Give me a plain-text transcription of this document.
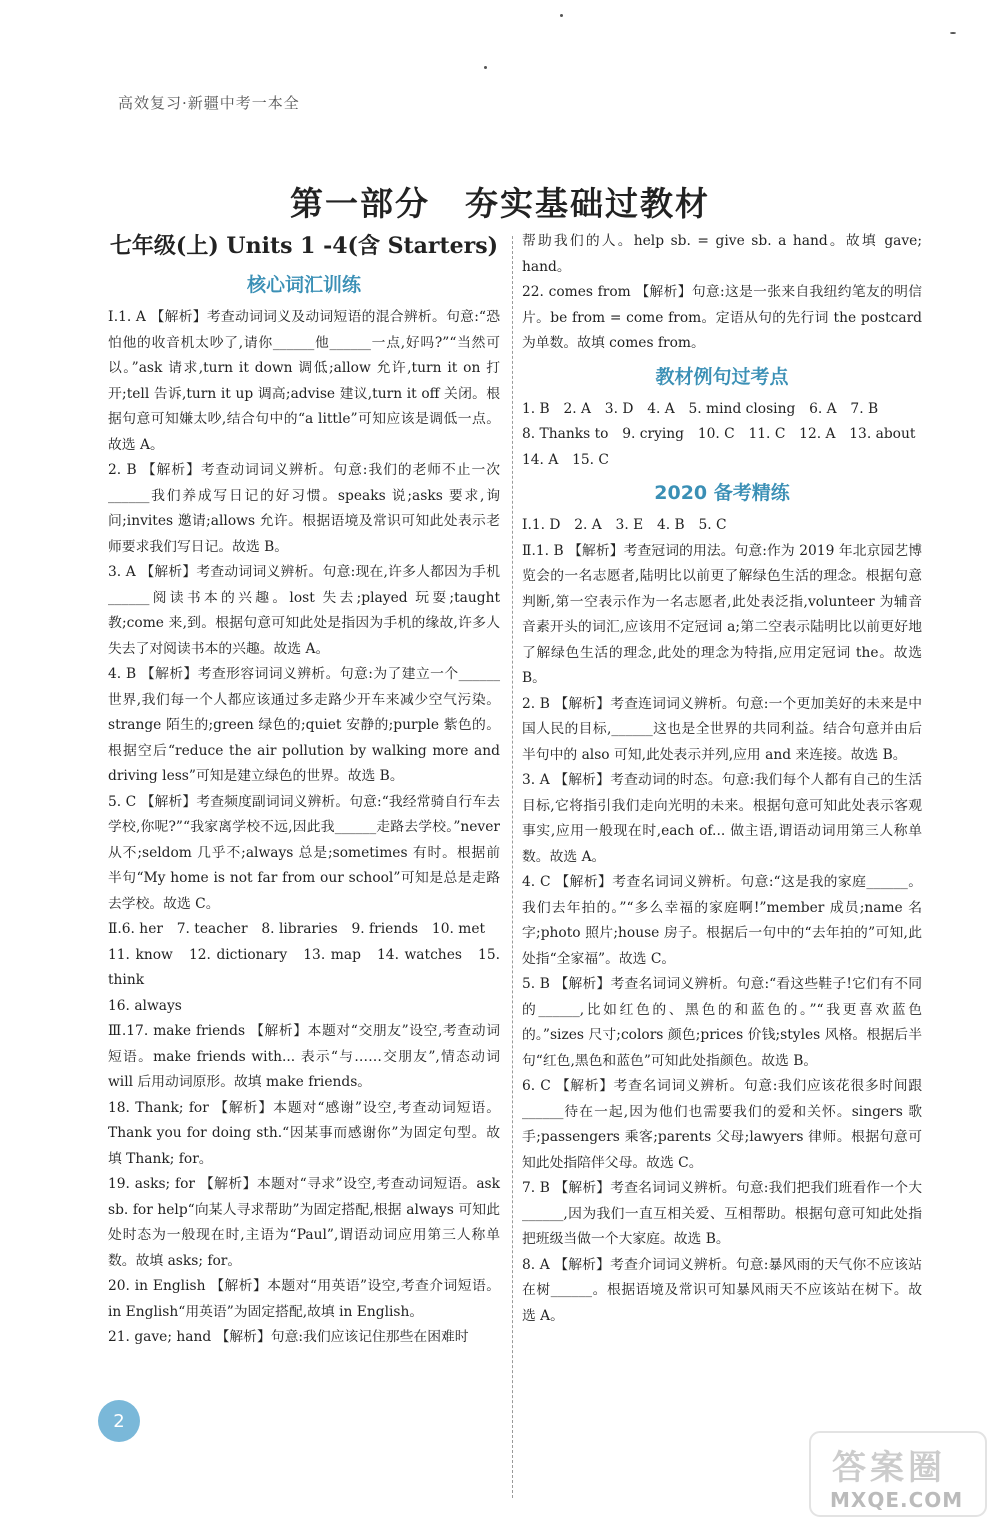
高效复习·新疆中考一本全
第一部分　夯实基础过教材
七年级(上) Units 1 -4(含 Starters)
核心词汇训练

Ⅰ.1. A 【解析】考查动词词义及动词短语的混合辨析。句意:“恐怕他的收音机太吵了,请你______他______一点,好吗?”“当然可以。”ask 请求,turn it down 调低;allow 允许,turn it on 打开;tell 告诉,turn it up 调高;advise 建议,turn it off 关闭。根据句意可知嫌太吵,结合句中的“a little”可知应该是调低一点。故选 A。

2. B 【解析】考查动词词义辨析。句意:我们的老师不止一次______我们养成写日记的好习惯。speaks 说;asks 要求,询问;invites 邀请;allows 允许。根据语境及常识可知此处表示老师要求我们写日记。故选 B。

3. A 【解析】考查动词词义辨析。句意:现在,许多人都因为手机______阅读书本的兴趣。lost 失去;played 玩耍;taught 教;come 来,到。根据句意可知此处是指因为手机的缘故,许多人失去了对阅读书本的兴趣。故选 A。

4. B 【解析】考查形容词词义辨析。句意:为了建立一个______世界,我们每一个人都应该通过多走路少开车来减少空气污染。strange 陌生的;green 绿色的;quiet 安静的;purple 紫色的。根据空后“reduce the air pollution by walking more and driving less”可知是建立绿色的世界。故选 B。

5. C 【解析】考查频度副词词义辨析。句意:“我经常骑自行车去学校,你呢?”“我家离学校不远,因此我______走路去学校。”never 从不;seldom 几乎不;always 总是;sometimes 有时。根据前半句“My home is not far from our school”可知是总是走路去学校。故选 C。

Ⅱ.6. her　7. teacher　8. libraries　9. friends　10. met

11. know　12. dictionary　13. map　14. watches　15. think

16. always

Ⅲ.17. make friends 【解析】本题对“交朋友”设空,考查动词短语。make friends with... 表示“与……交朋友”,情态动词 will 后用动词原形。故填 make friends。

18. Thank; for 【解析】本题对“感谢”设空,考查动词短语。Thank you for doing sth.“因某事而感谢你”为固定句型。故填 Thank; for。

19. asks; for 【解析】本题对“寻求”设空,考查动词短语。ask sb. for help“向某人寻求帮助”为固定搭配,根据 always 可知此处时态为一般现在时,主语为“Paul”,谓语动词应用第三人称单数。故填 asks; for。

20. in English 【解析】本题对“用英语”设空,考查介词短语。in English“用英语”为固定搭配,故填 in English。

21. gave; hand 【解析】句意:我们应该记住那些在困难时

帮助我们的人。help sb. = give sb. a hand。故填 gave; hand。

22. comes from 【解析】句意:这是一张来自我纽约笔友的明信片。be from = come from。定语从句的先行词 the postcard 为单数。故填 comes from。

教材例句过考点

1. B　2. A　3. D　4. A　5. mind closing　6. A　7. B

8. Thanks to　9. crying　10. C　11. C　12. A　13. about

14. A　15. C

2020 备考精练

Ⅰ.1. D　2. A　3. E　4. B　5. C

Ⅱ.1. B 【解析】考查冠词的用法。句意:作为 2019 年北京园艺博览会的一名志愿者,陆明比以前更了解绿色生活的理念。根据句意判断,第一空表示作为一名志愿者,此处表泛指,volunteer 为辅音音素开头的词汇,应该用不定冠词 a;第二空表示陆明比以前更好地了解绿色生活的理念,此处的理念为特指,应用定冠词 the。故选 B。

2. B 【解析】考查连词词义辨析。句意:一个更加美好的未来是中国人民的目标,______这也是全世界的共同利益。结合句意并由后半句中的 also 可知,此处表示并列,应用 and 来连接。故选 B。

3. A 【解析】考查动词的时态。句意:我们每个人都有自己的生活目标,它将指引我们走向光明的未来。根据句意可知此处表示客观事实,应用一般现在时,each of... 做主语,谓语动词用第三人称单数。故选 A。

4. C 【解析】考查名词词义辨析。句意:“这是我的家庭______。我们去年拍的。”“多么幸福的家庭啊!”member 成员;name 名字;photo 照片;house 房子。根据后一句中的“去年拍的”可知,此处指“全家福”。故选 C。

5. B 【解析】考查名词词义辨析。句意:“看这些鞋子!它们有不同的______,比如红色的、黑色的和蓝色的。”“我更喜欢蓝色的。”sizes 尺寸;colors 颜色;prices 价钱;styles 风格。根据后半句“红色,黑色和蓝色”可知此处指颜色。故选 B。

6. C 【解析】考查名词词义辨析。句意:我们应该花很多时间跟______待在一起,因为他们也需要我们的爱和关怀。singers 歌手;passengers 乘客;parents 父母;lawyers 律师。根据句意可知此处指陪伴父母。故选 C。

7. B 【解析】考查名词词义辨析。句意:我们把我们班看作一个大______,因为我们一直互相关爱、互相帮助。根据句意可知此处指把班级当做一个大家庭。故选 B。

8. A 【解析】考查介词词义辨析。句意:暴风雨的天气你不应该站在树______。根据语境及常识可知暴风雨天不应该站在树下。故选 A。

2
答案圈
MXQE.COM
